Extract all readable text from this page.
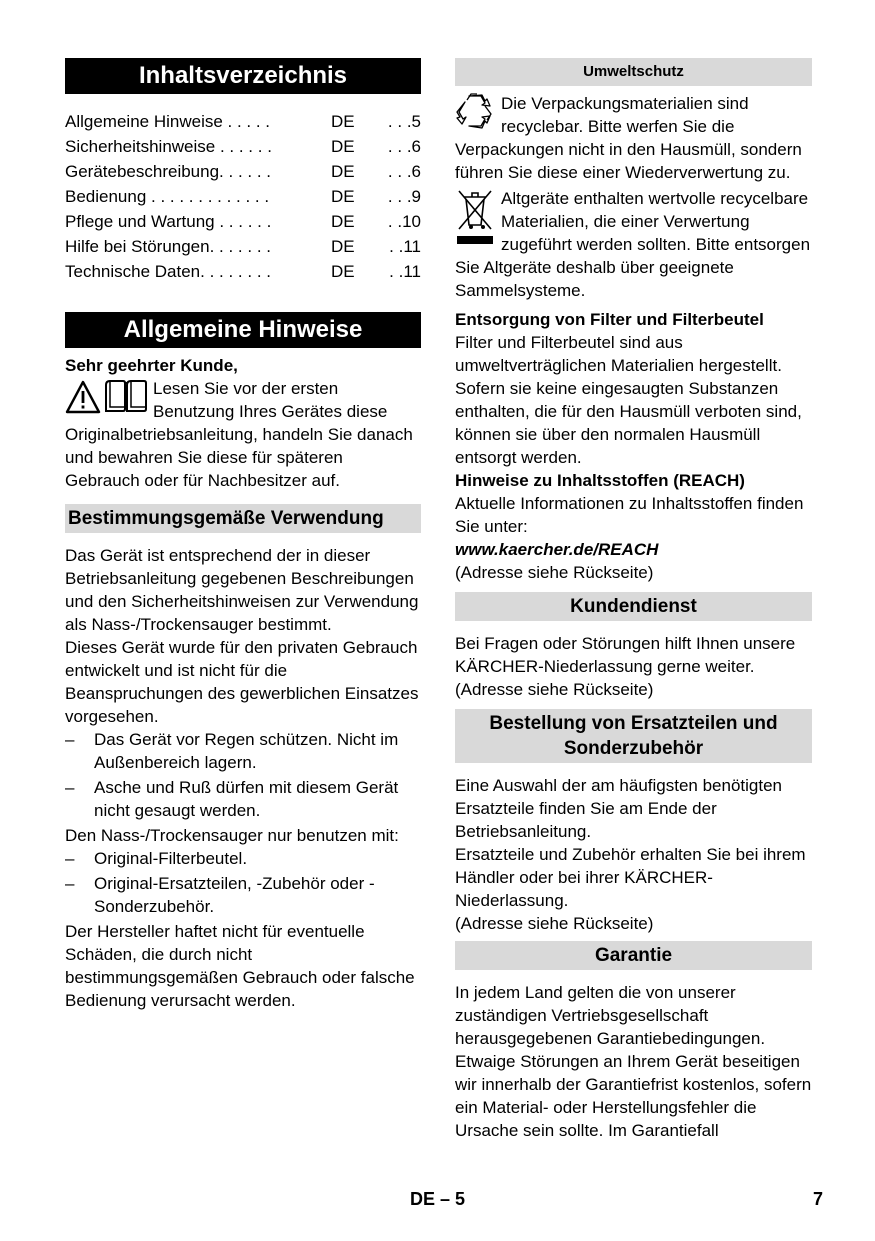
Inhaltsverzeichnis
Allgemeine Hinweise . . . . .	DE	. . .5
Sicherheitshinweise . . . . . .	DE	. . .6
Gerätebeschreibung. . . . . .	DE	. . .6
Bedienung . . . . . . . . . . . . .	DE	. . .9
Pflege und Wartung . . . . . .	DE	. .10
Hilfe bei Störungen. . . . . . .	DE	. .11
Technische Daten. . . . . . . .	DE	. .11
Allgemeine Hinweise

Sehr geehrter Kunde,

Lesen Sie vor der ersten Benutzung Ihres Gerätes diese Originalbetriebsanleitung, handeln Sie danach und bewahren Sie diese für späteren Gebrauch oder für Nachbesitzer auf.

Bestimmungsgemäße Verwendung

Das Gerät ist entsprechend der in dieser Betriebsanleitung gegebenen Beschreibungen und den Sicherheitshinweisen zur Verwendung als Nass-/Trockensauger bestimmt.

Dieses Gerät wurde für den privaten Gebrauch entwickelt und ist nicht für die Beanspruchungen des gewerblichen Einsatzes vorgesehen.

–	Das Gerät vor Regen schützen. Nicht im Außenbereich lagern.
–	Asche und Ruß dürfen mit diesem Gerät nicht gesaugt werden.

Den Nass-/Trockensauger nur benutzen mit:

–	Original-Filterbeutel.
–	Original-Ersatzteilen, -Zubehör oder -Sonderzubehör.

Der Hersteller haftet nicht für eventuelle Schäden, die durch nicht bestimmungsgemäßen Gebrauch oder falsche Bedienung verursacht werden.

Umweltschutz

Die Verpackungsmaterialien sind recyclebar. Bitte werfen Sie die Verpackungen nicht in den Hausmüll, sondern führen Sie diese einer Wiederverwertung zu.

Altgeräte enthalten wertvolle recycelbare Materialien, die einer Verwertung zugeführt werden sollten. Bitte entsorgen Sie Altgeräte deshalb über geeignete Sammelsysteme.

Entsorgung von Filter und Filterbeutel

Filter und Filterbeutel sind aus umweltverträglichen Materialien hergestellt.

Sofern sie keine eingesaugten Substanzen enthalten, die für den Hausmüll verboten sind, können sie über den normalen Hausmüll entsorgt werden.

Hinweise zu Inhaltsstoffen (REACH)

Aktuelle Informationen zu Inhaltsstoffen finden Sie unter:

www.kaercher.de/REACH

(Adresse siehe Rückseite)

Kundendienst

Bei Fragen oder Störungen hilft Ihnen unsere KÄRCHER-Niederlassung gerne weiter.

(Adresse siehe Rückseite)

Bestellung von Ersatzteilen und Sonderzubehör

Eine Auswahl der am häufigsten benötigten Ersatzteile finden Sie am Ende der Betriebsanleitung.

Ersatzteile und Zubehör erhalten Sie bei ihrem Händler oder bei ihrer KÄRCHER-Niederlassung.

(Adresse siehe Rückseite)

Garantie

In jedem Land gelten die von unserer zuständigen Vertriebsgesellschaft herausgegebenen Garantiebedingungen. Etwaige Störungen an Ihrem Gerät beseitigen wir innerhalb der Garantiefrist kostenlos, sofern ein Material- oder Herstellungsfehler die Ursache sein sollte. Im Garantiefall

DE – 5	7
